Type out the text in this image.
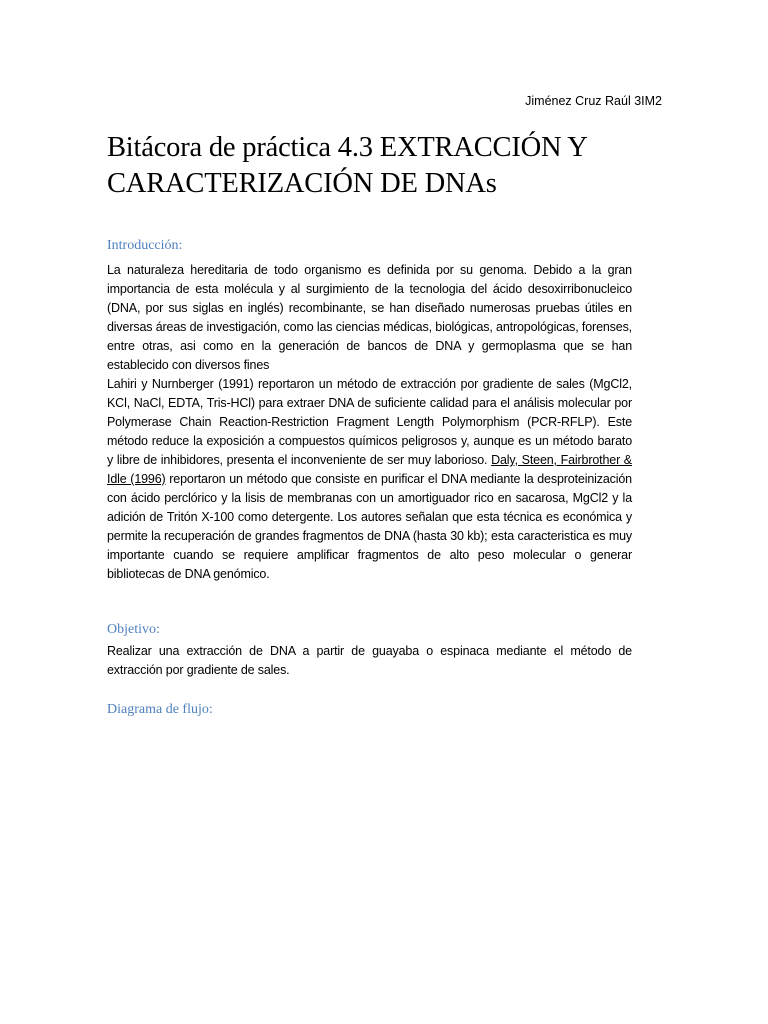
Jiménez Cruz Raúl 3IM2
Bitácora de práctica 4.3 EXTRACCIÓN Y CARACTERIZACIÓN DE DNAs
Introducción:

La naturaleza hereditaria de todo organismo es definida por su genoma. Debido a la gran importancia de esta molécula y al surgimiento de la tecnologia del ácido desoxirribonucleico (DNA, por sus siglas en inglés) recombinante, se han diseñado numerosas pruebas útiles en diversas áreas de investigación, como las ciencias médicas, biológicas, antropológicas, forenses, entre otras, asi como en la generación de bancos de DNA y germoplasma que se han establecido con diversos fines

Lahiri y Nurnberger (1991) reportaron un método de extracción por gradiente de sales (MgCl2, KCl, NaCl, EDTA, Tris-HCl) para extraer DNA de suficiente calidad para el análisis molecular por Polymerase Chain Reaction-Restriction Fragment Length Polymorphism (PCR-RFLP). Este método reduce la exposición a compuestos químicos peligrosos y, aunque es un método barato y libre de inhibidores, presenta el inconveniente de ser muy laborioso. Daly, Steen, Fairbrother & Idle (1996) reportaron un método que consiste en purificar el DNA mediante la desproteinización con ácido perclórico y la lisis de membranas con un amortiguador rico en sacarosa, MgCl2 y la adición de Tritón X-100 como detergente. Los autores señalan que esta técnica es económica y permite la recuperación de grandes fragmentos de DNA (hasta 30 kb); esta caracteristica es muy importante cuando se requiere amplificar fragmentos de alto peso molecular o generar bibliotecas de DNA genómico.

Objetivo:

Realizar una extracción de DNA a partir de guayaba o espinaca mediante el método de extracción por gradiente de sales.

Diagrama de flujo:
